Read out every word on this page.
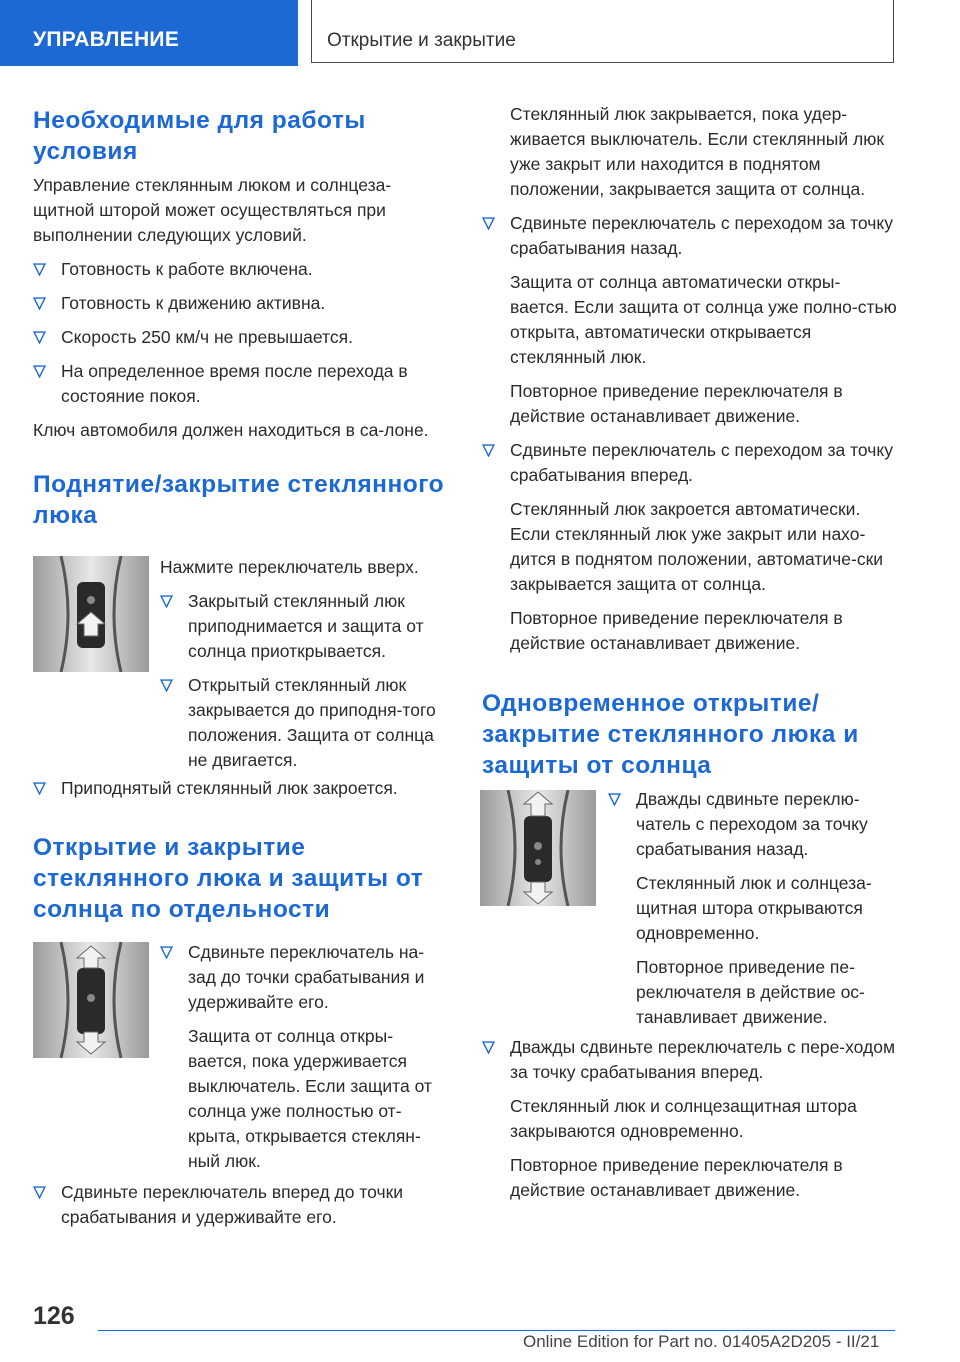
УПРАВЛЕНИЕ	Открытие и закрытие
Необходимые для работы условия

Управление стеклянным люком и солнцеза-щитной шторой может осуществляться при выполнении следующих условий.

Готовность к работе включена.
Готовность к движению активна.
Скорость 250 км/ч не превышается.
На определенное время после перехода в состояние покоя.

Ключ автомобиля должен находиться в са-лоне.

Поднятие/закрытие стеклянного люка

Нажмите переключатель вверх.

Закрытый стеклянный люк приподнимается и защита от солнца приоткрывается.
Открытый стеклянный люк закрывается до приподня-того положения. Защита от солнца не двигается.
Приподнятый стеклянный люк закроется.
Открытие и закрытие стеклянного люка и защиты от солнца по отдельности
Сдвиньте переключатель на-зад до точки срабатывания и удерживайте его.

Защита от солнца откры-вается, пока удерживается выключатель. Если защита от солнца уже полностью от-крыта, открывается стеклян-ный люк.

Сдвиньте переключатель вперед до точки срабатывания и удерживайте его.

Стеклянный люк закрывается, пока удер-живается выключатель. Если стеклянный люк уже закрыт или находится в поднятом положении, закрывается защита от солнца.

Сдвиньте переключатель с переходом за точку срабатывания назад.

Защита от солнца автоматически откры-вается. Если защита от солнца уже полно-стью открыта, автоматически открывается стеклянный люк.

Повторное приведение переключателя в действие останавливает движение.

Сдвиньте переключатель с переходом за точку срабатывания вперед.

Стеклянный люк закроется автоматически. Если стеклянный люк уже закрыт или нахо-дится в поднятом положении, автоматиче-ски закрывается защита от солнца.

Повторное приведение переключателя в действие останавливает движение.

Одновременное открытие/ закрытие стеклянного люка и защиты от солнца
Дважды сдвиньте переклю-чатель с переходом за точку срабатывания назад.

Стеклянный люк и солнцеза-щитная штора открываются одновременно.

Повторное приведение пе-реключателя в действие ос-танавливает движение.

Дважды сдвиньте переключатель с пере-ходом за точку срабатывания вперед.

Стеклянный люк и солнцезащитная штора закрываются одновременно.

Повторное приведение переключателя в действие останавливает движение.

126
Online Edition for Part no. 01405A2D205 - II/21
